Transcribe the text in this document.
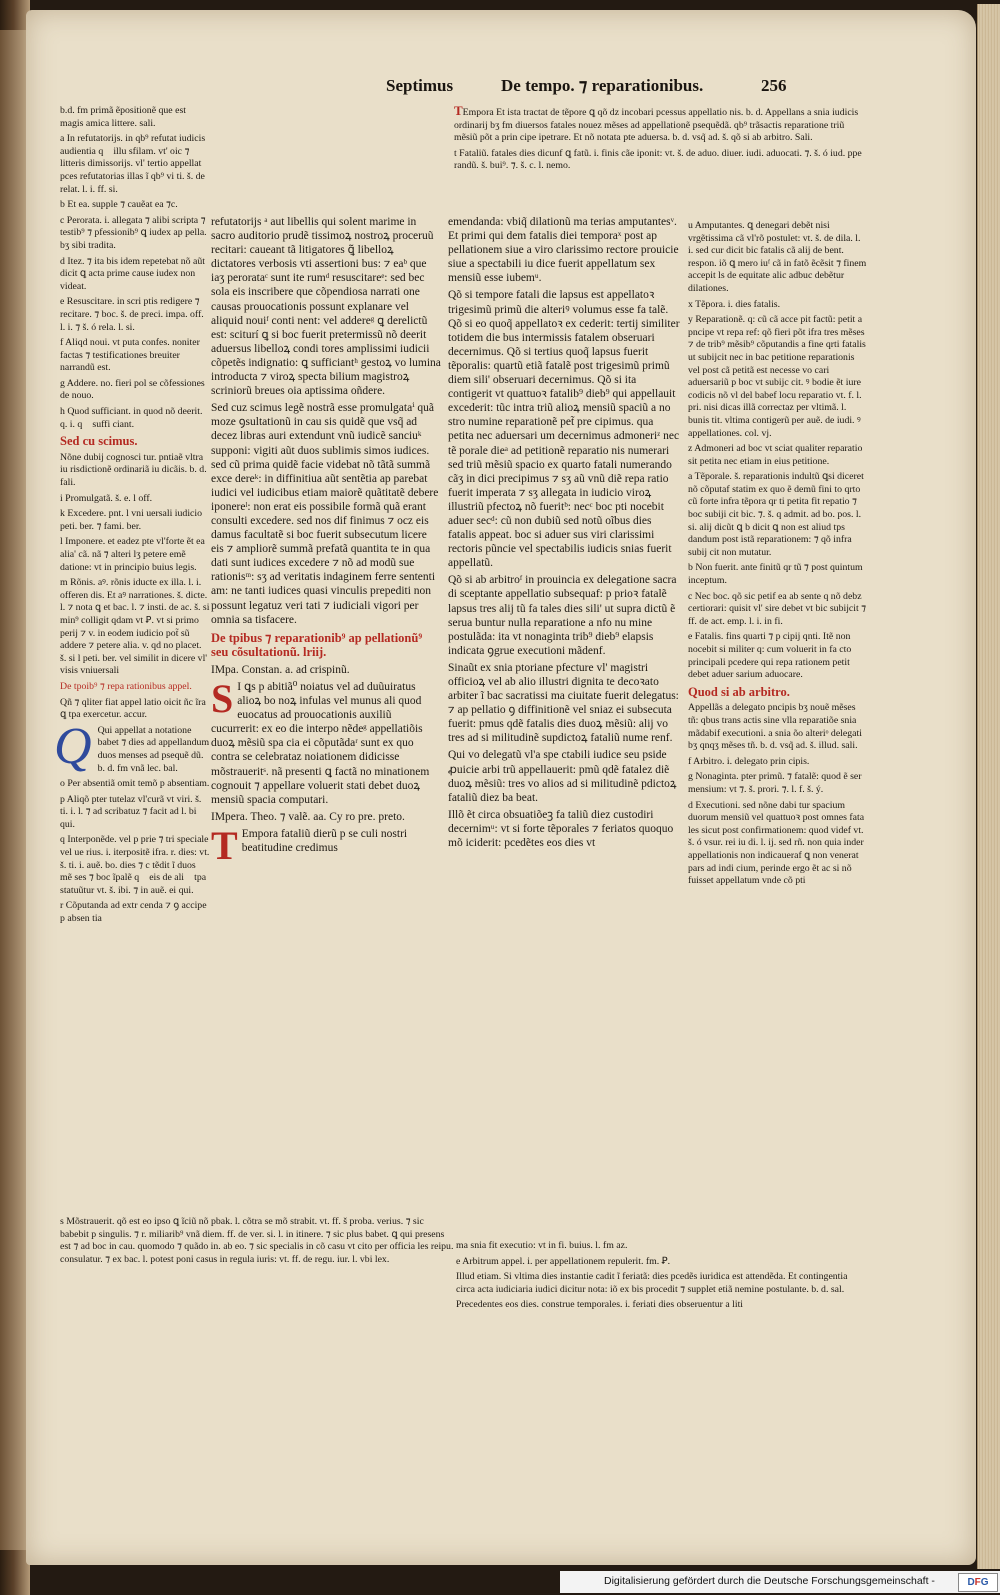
Septimus	De tempo. ⁊ reparationibus.	256

b.d. fm primã ẽpositionẽ que est magis amica littere. sali.

a In refutatorijs. in qb⁹ refutat iudicis audientia q᷑ illu sfilam. vt' oic ⁊ litteris dimissorijs. vl' tertio appellat pces refutatorias illas ĩ qb⁹ vi ti. š. de relat. l. i. ff. si.

b Et ea. supple ⁊ cauẽat ea ⁊c.

c Perorata. i. allegata ⁊ alibi scripta ⁊ testib⁹ ⁊ pfessionib⁹ ꝗ iudex ap pella. bʒ sibi tradita.

d Itez. ⁊ ita bis idem repetebat nõ aũt dicit ꝗ acta prime cause iudex non videat.

e Resuscitare. in scri ptis redigere ⁊ recitare. ⁊ boc. š. de preci. impa. off. l. i. ⁊ š. ó rela. l. si.

f Aliqd noui. vt puta confes. noniter factas ⁊ testificationes breuiter narrandũ est.

g Addere. no. fieri pol se cõfessiones de nouo.

h Quod sufficiant. in quod nõ deerit. q. i. q᷑ suffi ciant.

Sed cu scimus.

Nõne dubij cognosci tur. pntiaẽ vltra iu risdictionẽ ordinariã iu dicãis. b. d. fali.

i Promulgatã. š. e. l off.

k Excedere. pnt. l vni uersali iudicio peti. ber. ⁊ fami. ber.

l Imponere. et eadez pte vl'forte ẽt ea alia' cã. nã ⁊ alteri lʒ petere emẽ datione: vt in principio buius legis.

m Rõnis. aꝰ. rõnis iducte ex illa. l. i. offeren dis. Et aꝰ narrationes. š. dicte. l. ⁊ nota ꝗ et bac. l. ⁊ insti. de ac. š. si min⁹ colligit qdam vt Ꝑ. vt si primo perij ⁊ v. in eodem iudicio pot̃ sũ addere ⁊ petere alia. v. qd no placet. š. si l peti. ber. vel similit in dicere vl' visis vniuersali

De tpoib⁹ ⁊ repa rationibus appel.

Qñ ⁊ qliter fiat appel latio oicit ñc ĩra ꝗ tpa exercetur. accur.

Q Qui appellat a notatione babet ⁊ dies ad appellandum duos menses ad psequẽ dũ. b. d. fm vnã lec. bal.

o Per absentiã omit temõ p absentiam.

p Aliqõ pter tutelaz vl'curã vt viri. š. ti. i. l. ⁊ ad scribatuz ⁊ facit ad l. bi qui.

q Interponẽde. vel p prie ⁊ tri speciale vel ue rius. i. iterpositẽ ifra. r. dies: vt. š. ti. i. auẽ. bo. dies ⁊ c tẽdit ĩ duos mẽ ses ⁊ boc ĩpalẽ q᷑ eis de ali᷑ tpa statuũtur vt. š. ibi. ⁊ in auẽ. ei qui.

r Cõputanda ad extr cenda ⁊ ꝯ accipe p absen tia

s Mõstrauerit. qõ est eo ipso ꝗ ĩciũ nõ pbak. l. cõtra se mõ strabit. vt. ff. š proba. verius. ⁊ sic babebit p singulis. ⁊ r. miliarib⁹ vnã diem. ff. de ver. si. l. in itinere. ⁊ sic plus babet. ꝗ qui presens est ⁊ ad boc in cau. quomodo ⁊ quãdo in. ab eo. ⁊ sic specialis in cõ casu vt cito per officia les reipu. consulatur. ⁊ ex bac. l. potest poni casus in regula iuris: vt. ff. de regu. iur. l. vbi lex.

refutatorijs ᵃ aut libellis qui solent marime in sacro auditorio prudẽ tissimoꝝ nostroꝝ proceruũ recitari: caueant tã litigatores ꝗ̃ libelloꝝ dictatores verbosis vti assertioni bus: ⁊ eaᵇ que iaʒ perorataᶜ sunt ite rumᵈ resuscitareᵉ: sed bec sola eis inscribere que cõpendiosa narrati one causas prouocationis possunt explanare vel aliquid nouiᶠ conti nent: vel addereᵍ ꝗ derelictũ est: sciturí ꝗ si boc fuerit pretermissũ nõ deerit aduersus libelloꝝ condi tores amplissimi iudicii cõpetẽs indignatio: ꝗ sufficiantʰ gestoꝝ vo lumina introducta ⁊ viroꝝ specta bilium magistroꝝ scriniorũ breues oia aptissima oñdere.

Sed cuz scimus legẽ nostrã esse promulgataⁱ quã moze ꝯsultationũ in cau sis quidẽ que vsq̃ ad decez libras auri extendunt vnũ iudicẽ sanciuᵏ supponi: vigiti aũt duos sublimis simos iudices. sed cũ prima quidẽ facie videbat nõ tãtã summã exce dereᵏ: in diffinitiua aũt sentẽtia ap parebat iudici vel iudicibus etiam maiorẽ quãtitatẽ debere iponereˡ: non erat eis possibile formã quã erant consulti excedere. sed nos dif finimus ⁊ ocz eis damus facultatẽ si boc fuerit subsecutum licere eis ⁊ ampliorẽ summã prefatã quantita te in qua dati sunt iudices excedere ⁊ nõ ad modũ sue rationisᵐ: sʒ ad veritatis indaginem ferre sententi am: ne tanti iudices quasi vinculis prepediti non possunt legatuz veri tati ⁊ iudiciali vigori per omnia sa tisfacere.

De tpibus ⁊ reparationib⁹ ap pellationũ⁹ seu cõsultationũ. lriij.

IMpa. Constan. a. ad crispinũ.

S I ꝗs p abitiã⁰ noiatus vel ad duũuiratus alioꝝ bo noꝝ infulas vel munus ali quod euocatus ad prouocationis auxiliũ cucurrerit: ex eo die interpo nẽdeᵍ appellatiõis duoꝝ mẽsiũ spa cia ei cõputãdaʳ sunt ex quo contra se celebrataz noiationem didicisse mõstraueritˢ. nã presenti ꝗ factã no minationem cognouit ⁊ appellare voluerit stati debet duoꝝ mensiũ spacia computari.

IMpera. Theo. ⁊ valẽ. aa. Cy ro pre. preto.

T Empora fataliũ dierũ p se culi nostri beatitudine credimus

emendanda: vbiq̃ dilationũ ma terias amputantesᵛ. Et primi qui dem fatalis diei temporaˣ post ap pellationem siue a viro clarissimo rectore prouicie siue a spectabili iu dice fuerit appellatum sex mensiũ esse iubemᵘ.

Qõ si tempore fatali die lapsus est appellatoꝛ trigesimũ primũ die alteriꝰ volumus esse fa talẽ. Qõ si eo quoq̃ appellatoꝛ ex cederit: tertij similiter totidem die bus intermissis fatalem obseruari decernimus. Qõ si tertius quoq̃ lapsus fuerit tẽporalis: quartũ etiã fatalẽ post trigesimũ primũ diem sili' obseruari decernimus. Qõ si ita contigerit vt quattuoꝛ fatalib⁹ dieb⁹ qui appellauit excederit: tũc intra triũ alioꝝ mensiũ spaciũ a no stro numine reparationẽ pet̃ pre cipimus. qua petita nec aduersari um decernimus admoneriᶻ nec tẽ porale dieᵃ ad petitionẽ reparatio nis numerari sed triũ mẽsiũ spacio ex quarto fatali numerando cãʒ in dici precipimus ⁊ sʒ aũ vnũ diẽ repa ratio fuerit imperata ⁊ sʒ allegata in iudicio viroꝝ illustriũ pfectoꝝ nõ fueritᵇ: necᶜ boc pti nocebit aduer secᵈ: cũ non dubiũ sed notũ oĩbus dies fatalis appeat. boc si aduer sus viri clarissimi rectoris pũncie vel spectabilis iudicis snias fuerit appellatũ.

Qõ si ab arbitroᶠ in prouincia ex delegatione sacra di sceptante appellatio subsequaf: p prioꝛ fatalẽ lapsus tres alij tũ fa tales dies sili' ut supra dictũ ẽ serua buntur nulla reparatione a nfo nu mine postulãda: ita vt nonaginta trib⁹ dieb⁹ elapsis indicata ꝯgrue executioni mãdenf.

Sinaũt ex snia ptoriane pfecture vl' magistri officioꝝ vel ab alio illustri dignita te decoꝛato arbiter ĩ bac sacratissi ma ciuitate fuerit delegatus: ⁊ ap pellatio ꝯ diffinitionẽ vel sniaz ei subsecuta fuerit: pmus qdẽ fatalis dies duoꝝ mẽsiũ: alij vo tres ad si militudinẽ supdictoꝝ fataliũ nume renf.

Qui vo delegatũ vl'a spe ctabili iudice seu pside ꝓuicie arbi trũ appellauerit: pmũ qdẽ fatalez diẽ duoꝝ mẽsiũ: tres vo alios ad si militudinẽ pdictoꝝ fataliũ diez ba beat.

Illõ ẽt circa obsuatiõeꝫ fa taliũ diez custodiri decernimᵘ: vt si forte tẽporales ⁊ feriatos quoquo mõ iciderit: pcedẽtes eos dies vt

TEmpora Et ista tractat de tẽpore ꝗ qõ dz incobari pcessus appellatio nis. b. d. Appellans a snia iudicis ordinarij bʒ fm diuersos fatales nouez mẽses ad appellationẽ psequẽdã. qb⁹ trãsactis reparatione triũ mẽsiũ põt a prin cipe ipetrare. Et nõ notata pte aduersa. b. d. vsq̃ ad. š. qõ si ab arbitro. Sali.

t Fataliũ. fatales dies dicunf ꝗ fatũ. i. finis cãe iponit: vt. š. de aduo. diuer. iudi. aduocati. ⁊. š. ó iud. ppe randũ. š. bui⁹. ⁊. š. c. l. nemo.

u Amputantes. ꝗ denegari debẽt nisi vrgẽtissima cã vl'rõ postulet: vt. š. de dila. l. i. sed cur dicit bic fatalis cã alij de bent. respon. iõ ꝗ mero iuᶠ cã in fatõ ẽcẽsit ⁊ finem accepit ls de equitate alic adbuc debẽtur dilationes.

x Tẽpora. i. dies fatalis.

y Reparationẽ. q: cũ cã acce pit factũ: petit a pncipe vt repa ref: qõ fieri põt ifra tres mẽses ⁊ de trib⁹ mẽsib⁹ cõputandis a fine qrti fatalis ut subijcit nec in bac petitione reparationis vel post cã petitã est necesse vo cari aduersariũ p boc vt subijc cit. ꝰ bodie ẽt iure codicis nõ vl del babef locu reparatio vt. f. l. pri. nisi dicas illã correctaz per vltimã. l. bunis tit. vltima contigerũ per auẽ. de iudi. ꝰ appellationes. col. vj.

z Admoneri ad boc vt sciat qualiter reparatio sit petita nec etiam in eius petitione.

a Tẽporale. š. reparationis indultũ ꝗsi diceret nõ cõputaf statim ex quo ẽ demũ fini to qrto cũ forte infra tẽpora qr ti petita fit repatio ⁊ boc subiji cit bic. ⁊. š. q admit. ad bo. pos. l. si. alij dicũt ꝗ b dicit ꝗ non est aliud tps dandum post istã reparationem: ⁊ qõ infra subij cit non mutatur.

b Non fuerit. ante finitũ qr tũ ⁊ post quintum inceptum.

c Nec boc. qõ sic petif ea ab sente q nõ debz certiorari: quisit vl' sire debet vt bic subijcit ⁊ ff. de act. emp. l. i. in fi.

e Fatalis. fins quarti ⁊ p cipij qnti. Itẽ non nocebit si militer q: cum voluerit in fa cto principali pcedere qui repa rationem petit debet aduer sarium aduocare.

Quod si ab arbitro.

Appellãs a delegato pncipis bʒ nouẽ mẽses tñ: qbus trans actis sine vlla reparatiõe snia mãdabif executioni. a snia õo alteriᵒ delegati bʒ qnqʒ mẽses tñ. b. d. vsq̃ ad. š. illud. sali.

f Arbitro. i. delegato prin cipis.

g Nonaginta. pter primũ. ⁊ fatalẽ: quod ẽ ser mensium: vt ⁊. š. prori. ⁊. l. f. š. ý.

d Executioni. sed nõne dabi tur spacium duorum mensiũ vel quattuoꝛ post omnes fata les sicut post confirmationem: quod videf vt. š. ó vsur. rei iu di. l. ij. sed rñ. non quia inder appellationis non indicaueraf ꝗ non venerat pars ad indi cium, perinde ergo ẽt ac si nõ fuisset appellatum vnde cõ pti

ma snia fit executio: vt in fi. buius. l. fm az.

e Arbitrum appel. i. per appellationem repulerit. fm. Ꝑ.

Illud etiam. Si vltima dies instantie cadit ĩ feriatã: dies pcedẽs iuridica est attendẽda. Et contingentia circa acta iudiciaria iudici dicitur nota: iõ ex bis procedit ⁊ supplet etiã nemine postulante. b. d. sal.

Precedentes eos dies. construe temporales. i. feriati dies obseruentur a liti

Digitalisierung gefördert durch die Deutsche Forschungsgemeinschaft -	DFG
